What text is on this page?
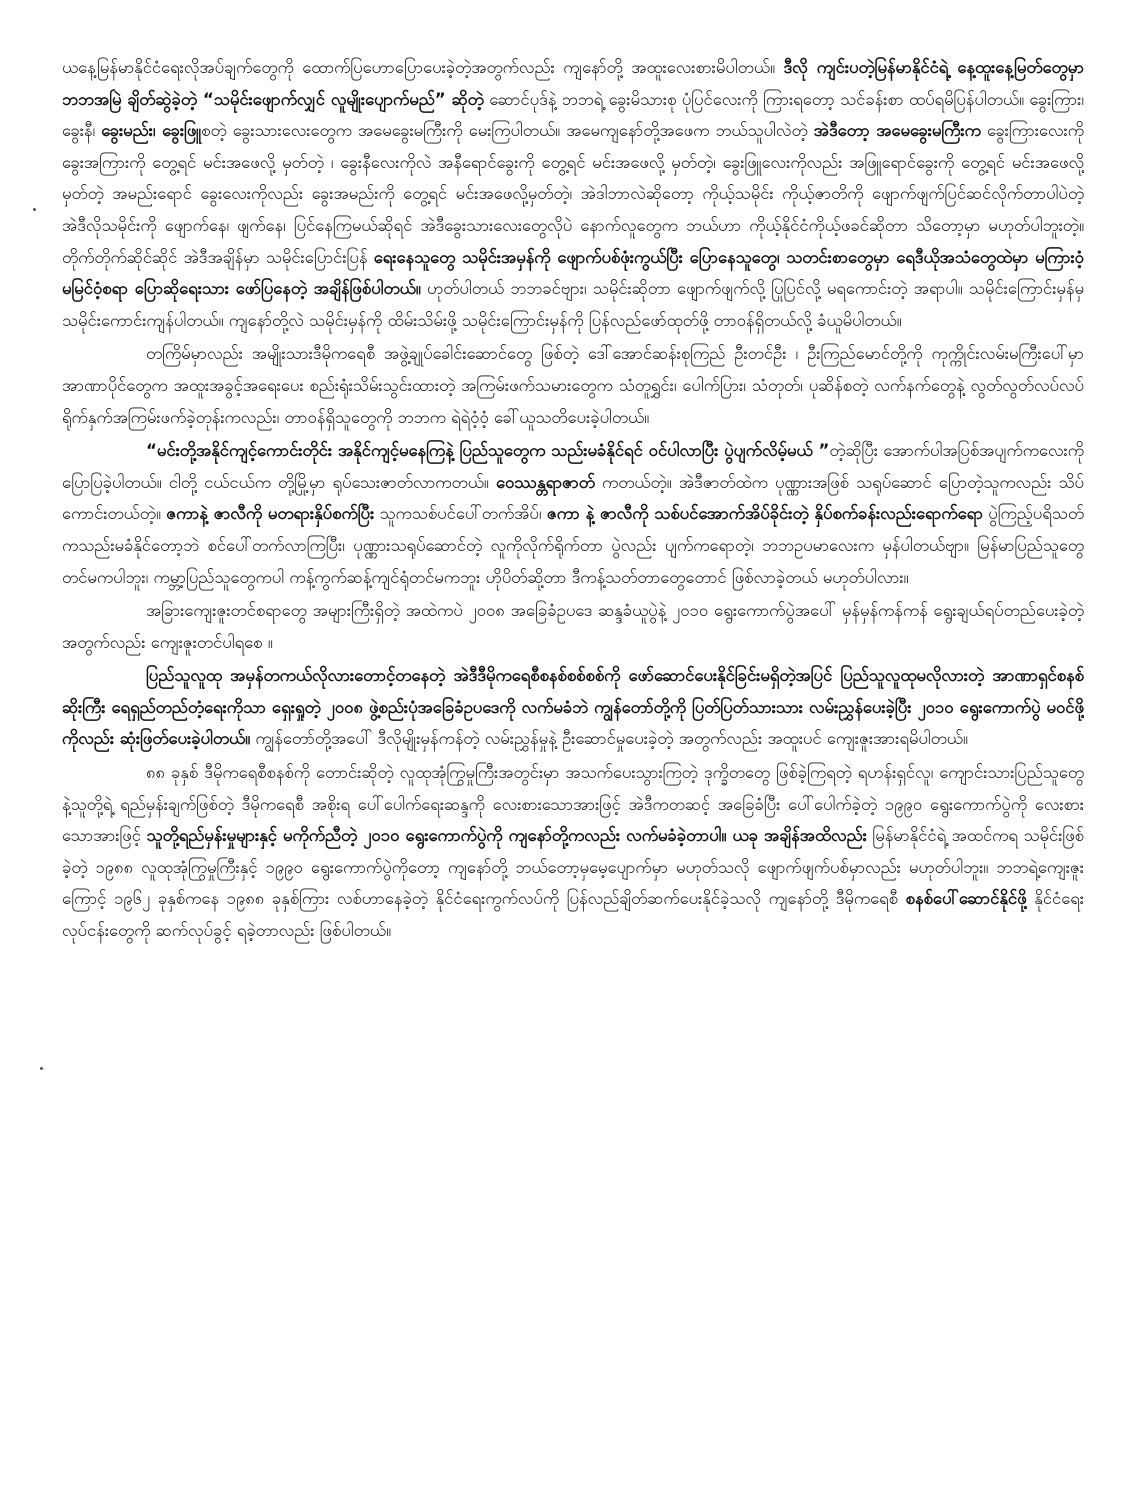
ယနေ့မြန်မာနိုင်ငံရေးလိုအပ်ချက်တွေကို ထောက်ပြဟောပြောပေးခဲ့တဲ့အတွက်လည်း ကျနော်တို့ အထူးလေးစားမိပါတယ်။ ဒီလို ကျင်းပတဲ့မြန်မာနိုင်ငံရဲ့ နေ့ထူးနေ့မြတ်တွေမှာ ဘဘအမြဲ ချိတ်ဆွဲခဲ့တဲ့ “သမိုင်းဖျောက်လျှင် လူမျိုးပျောက်မည်” ဆိုတဲ့ ဆောင်ပုဒ်နဲ့ ဘဘရဲ့ ခွေးမိသားစု ပုံပြင်လေးကို ကြားရတော့ သင်ခန်းစာ ထပ်ရမိပြန်ပါတယ်။ ခွေးကြား၊ ခွေးနီ၊ ခွေးမည်း၊ ခွေးဖြူစတဲ့ ခွေးသားလေးတွေက အမေခွေးမကြီးကို မေးကြပါတယ်။ အမေကျနော်တို့အဖေက ဘယ်သူပါလဲတဲ့ အဲဒီတော့ အမေခွေးမကြီးက ခွေးကြားလေးကို ခွေးအကြားကို တွေ့ရင် မင်းအဖေလို့ မှတ်တဲ့ ၊ ခွေးနီလေးကိုလဲ အနီရောင်ခွေးကို တွေ့ရင် မင်းအဖေလို့ မှတ်တဲ့၊ ခွေးဖြူလေးကိုလည်း အဖြူရောင်ခွေးကို တွေ့ရင် မင်းအဖေလို့မှတ်တဲ့ အမည်းရောင် ခွေးလေးကိုလည်း ခွေးအမည်းကို တွေ့ရင် မင်းအဖေလို့မှတ်တဲ့၊ အဲဒါဘာလဲဆိုတော့ ကိုယ့်သမိုင်း ကိုယ့်ဇာတိကို ဖျောက်ဖျက်ပြင်ဆင်လိုက်တာပါပဲတဲ့ အဲဒီလိုသမိုင်းကို ဖျောက်နေ၊ ဖျက်နေ၊ ပြင်နေကြမယ်ဆိုရင် အဲဒီခွေးသားလေးတွေလိုပဲ နောက်လူတွေက ဘယ်ဟာ ကိုယ့်နိုင်ငံကိုယ့်ဖခင်ဆိုတာ သိတော့မှာ မဟုတ်ပါဘူးတဲ့။ တိုက်တိုက်ဆိုင်ဆိုင် အဲဒီအချိန်မှာ သမိုင်းပြောင်းပြန် ရေးနေသူတွေ သမိုင်းအမှန်ကို ဖျောက်ပစ်ဖုံးကွယ်ပြီး ပြောနေသူတွေ၊ သတင်းစာတွေမှာ ရေဒီယိုအသံတွေထဲမှာ မကြားဝံ့ မမြင်ဝံ့စရာ ပြောဆိုရေးသား ဖော်ပြနေတဲ့ အချိန်ဖြစ်ပါတယ်။ ဟုတ်ပါတယ် ဘဘခင်ဗျား၊ သမိုင်းဆိုတာ ဖျောက်ဖျက်လို့ ပြုပြင်လို့ မရကောင်းတဲ့ အရာပါ။ သမိုင်းကြောင်းမှန်မှ သမိုင်းကောင်းကျန်ပါတယ်။ ကျနော်တို့လဲ သမိုင်းမှန်ကို ထိမ်းသိမ်းဖို့ သမိုင်းကြောင်းမှန်ကို ပြန်လည်ဖော်ထုတ်ဖို့ တာဝန်ရှိတယ်လို့ ခံယူမိပါတယ်။

တကြိမ်မှာလည်း အမျိုးသားဒီမိုကရေစီ အဖွဲ့ချုပ်ခေါင်းဆောင်တွေ ဖြစ်တဲ့ ဒေါ်အောင်ဆန်းစုကြည် ဦးတင်ဦး ၊ ဦးကြည်မောင်တို့ကို ကုက္ကိုင်းလမ်းမကြီးပေါ်မှာ အာဏာပိုင်တွေက အထူးအခွင့်အရေးပေး စည်းရုံးသိမ်းသွင်းထားတဲ့ အကြမ်းဖက်သမားတွေက သံတူရွှင်း၊ ပေါက်ပြား၊ သံတုတ်၊ ပုဆိန်စတဲ့ လက်နက်တွေနဲ့ လွတ်လွတ်လပ်လပ် ရိုက်နှက်အကြမ်းဖက်ခဲ့တုန်းကလည်း၊ တာဝန်ရှိသူတွေကို ဘဘက ရဲရဲဝံ့ဝံ့ ခေါ်ယူသတိပေးခဲ့ပါတယ်။

“မင်းတို့အနိုင်ကျင့်ကောင်းတိုင်း အနိုင်ကျင့်မနေကြနဲ့ ပြည်သူတွေက သည်းမခံနိုင်ရင် ဝင်ပါလာပြီး ပွဲပျက်လိမ့်မယ် ”တဲ့ဆိုပြီး အောက်ပါအပြစ်အပျက်ကလေးကို ပြောပြခဲ့ပါတယ်။ ငါတို့ ငယ်ငယ်က တို့မြို့မှာ ရုပ်သေးဇာတ်လာကတယ်။ ဝေဿန္တရာဇာတ် ကတယ်တဲ့။ အဲဒီဇာတ်ထဲက ပုဏ္ဏားအဖြစ် သရုပ်ဆောင် ပြောတဲ့သူကလည်း သိပ်ကောင်းတယ်တဲ့။ ဇကာနဲ့ ဇာလီကို မတရားနှိပ်စက်ပြီး သူကသစ်ပင်ပေါ်တက်အိပ်၊ ဇကာ နဲ့ ဇာလီကို သစ်ပင်အောက်အိပ်ခိုင်းတဲ့ နှိပ်စက်ခန်းလည်းရောက်ရော ပွဲကြည့်ပရိသတ်ကသည်းမခံနိုင်တော့ဘဲ စင်ပေါ်တက်လာကြပြီး၊ ပုဏ္ဏားသရုပ်ဆောင်တဲ့ လူကိုလိုက်ရိုက်တာ ပွဲလည်း ပျက်ကရောတဲ့၊ ဘဘဥပမာလေးက မှန်ပါတယ်ဗျာ။ မြန်မာပြည်သူတွေ တင်မကပါဘူး၊ ကမ္ဘာ့ပြည်သူတွေကပါ ကန့်ကွက်ဆန့်ကျင်ရုံတင်မကဘူး ဟိုပိတ်ဆို့တာ ဒီကန့်သတ်တာတွေတောင် ဖြစ်လာခဲ့တယ် မဟုတ်ပါလား။

အခြားကျေးဇူးတင်စရာတွေ အများကြီးရှိတဲ့ အထဲကပဲ ၂၀၀၈ အခြေခံဥပဒေ ဆန္ဒခံယူပွဲနဲ့ ၂၀၁၀ ရွေးကောက်ပွဲအပေါ် မှန်မှန်ကန်ကန် ရွေးချယ်ရပ်တည်ပေးခဲ့တဲ့အတွက်လည်း ကျေးဇူးတင်ပါရစေ ။

ပြည်သူလူထု အမှန်တကယ်လိုလားတောင့်တနေတဲ့ အဲဒီဒီမိုကရေစီစနစ်စစ်စစ်ကို ဖော်ဆောင်ပေးနိုင်ခြင်းမရှိတဲ့အပြင် ပြည်သူလူထုမလိုလားတဲ့ အာဏာရှင်စနစ်ဆိုးကြီး ရေရှည်တည်တံ့ရေးကိုသာ ရှေးရှုတဲ့ ၂၀၀၈ ဖွဲ့စည်းပုံအခြေခံဥပဒေကို လက်မခံဘဲ ကျွန်တော်တို့ကို ပြတ်ပြတ်သားသား လမ်းညွှန်ပေးခဲ့ပြီး ၂၀၁၀ ရွေးကောက်ပွဲ မဝင်ဖို့ကိုလည်း ဆုံးဖြတ်ပေးခဲ့ပါတယ်။ ကျွန်တော်တို့အပေါ် ဒီလိုမျိုးမှန်ကန်တဲ့ လမ်းညွှန်မှုနဲ့ ဦးဆောင်မှုပေးခဲ့တဲ့ အတွက်လည်း အထူးပင် ကျေးဇူးအားရမိပါတယ်။

၈၈ ခုနှစ် ဒီမိုကရေစီစနစ်ကို တောင်းဆိုတဲ့ လူထုအုံကြွမှုကြီးအတွင်းမှာ အသက်ပေးသွားကြတဲ့ ဒုက္ခိတတွေ ဖြစ်ခဲ့ကြရတဲ့ ရဟန်းရှင်လူ၊ ကျောင်းသားပြည်သူတွေနဲ့သူတို့ရဲ့ ရည်မှန်းချက်ဖြစ်တဲ့ ဒီမိုကရေစီ အစိုးရ ပေါ်ပေါက်ရေးဆန္ဒကို လေးစားသောအားဖြင့် အဲဒီကတဆင့် အခြေခံပြီး ပေါ်ပေါက်ခဲ့တဲ့ ၁၉၉၀ ရွေးကောက်ပွဲကို လေးစားသောအားဖြင့် သူတို့ရည်မှန်းမှုများနှင့် မကိုက်ညီတဲ့ ၂၀၁၀ ရွေးကောက်ပွဲကို ကျနော်တို့ကလည်း လက်မခံခဲ့တာပါ။ ယခု အချိန်အထိလည်း မြန်မာနိုင်ငံရဲ့ အထင်ကရ သမိုင်းဖြစ်ခဲ့တဲ့ ၁၉၈၈ လူထုအုံကြွမှုကြီးနှင့် ၁၉၉၀ ရွေးကောက်ပွဲကိုတော့ ကျနော်တို့ ဘယ်တော့မှမေ့ပျောက်မှာ မဟုတ်သလို ဖျောက်ဖျက်ပစ်မှာလည်း မဟုတ်ပါဘူး။ ဘဘရဲ့ကျေးဇူးကြောင့် ၁၉၆၂ ခုနှစ်ကနေ ၁၉၈၈ ခုနှစ်ကြား လစ်ဟာနေခဲ့တဲ့ နိုင်ငံရေးကွက်လပ်ကို ပြန်လည်ချိတ်ဆက်ပေးနိုင်ခဲ့သလို ကျနော်တို့ ဒီမိုကရေစီ စနစ်ပေါ်ဆောင်နိုင်ဖို့ နိုင်ငံရေးလုပ်ငန်းတွေကို ဆက်လုပ်ခွင့် ရခဲ့တာလည်း ဖြစ်ပါတယ်။
